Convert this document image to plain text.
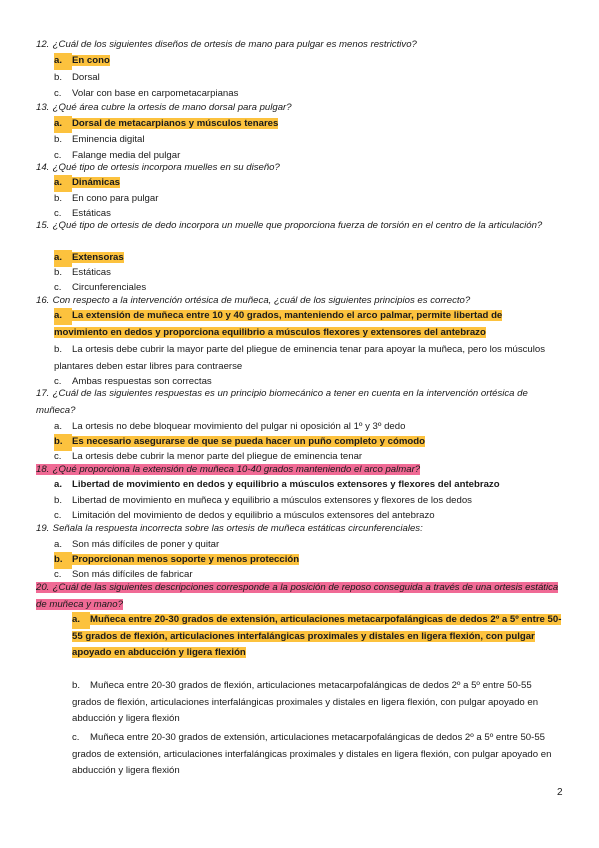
12. ¿Cuál de los siguientes diseños de ortesis de mano para pulgar es menos restrictivo?
a. En cono
b. Dorsal
c. Volar con base en carpometacarpianas
13. ¿Qué área cubre la ortesis de mano dorsal para pulgar?
a. Dorsal de metacarpianos y músculos tenares
b. Eminencia digital
c. Falange media del pulgar
14. ¿Qué tipo de ortesis incorpora muelles en su diseño?
a. Dinámicas
b. En cono para pulgar
c. Estáticas
15. ¿Qué tipo de ortesis de dedo incorpora un muelle que proporciona fuerza de torsión en el centro de la articulación?
a. Extensoras
b. Estáticas
c. Circunferenciales
16. Con respecto a la intervención ortésica de muñeca, ¿cuál de los siguientes principios es correcto?
a. La extensión de muñeca entre 10 y 40 grados, manteniendo el arco palmar, permite libertad de movimiento en dedos y proporciona equilibrio a músculos flexores y extensores del antebrazo
b. La ortesis debe cubrir la mayor parte del pliegue de eminencia tenar para apoyar la muñeca, pero los músculos plantares deben estar libres para contraerse
c. Ambas respuestas son correctas
17. ¿Cuál de las siguientes respuestas es un principio biomecánico a tener en cuenta en la intervención ortésica de muñeca?
a. La ortesis no debe bloquear movimiento del pulgar ni oposición al 1º y 3º dedo
b. Es necesario asegurarse de que se pueda hacer un puño completo y cómodo
c. La ortesis debe cubrir la menor parte del pliegue de eminencia tenar
18. ¿Qué proporciona la extensión de muñeca 10-40 grados manteniendo el arco palmar?
a. Libertad de movimiento en dedos y equilibrio a músculos extensores y flexores del antebrazo
b. Libertad de movimiento en muñeca y equilibrio a músculos extensores y flexores de los dedos
c. Limitación del movimiento de dedos y equilibrio a músculos extensores del antebrazo
19. Señala la respuesta incorrecta sobre las ortesis de muñeca estáticas circunferenciales:
a. Son más difíciles de poner y quitar
b. Proporcionan menos soporte y menos protección
c. Son más difíciles de fabricar
20. ¿Cuál de las siguientes descripciones corresponde a la posición de reposo conseguida a través de una ortesis estática de muñeca y mano?
a. Muñeca entre 20-30 grados de extensión, articulaciones metacarpofalángicas de dedos 2º a 5º entre 50-55 grados de flexión, articulaciones interfalángicas proximales y distales en ligera flexión, con pulgar apoyado en abducción y ligera flexión
b. Muñeca entre 20-30 grados de flexión, articulaciones metacarpofalángicas de dedos 2º a 5º entre 50-55 grados de flexión, articulaciones interfalángicas proximales y distales en ligera flexión, con pulgar apoyado en abducción y ligera flexión
c. Muñeca entre 20-30 grados de extensión, articulaciones metacarpofalángicas de dedos 2º a 5º entre 50-55 grados de extensión, articulaciones interfalángicas proximales y distales en ligera flexión, con pulgar apoyado en abducción y ligera flexión
2
